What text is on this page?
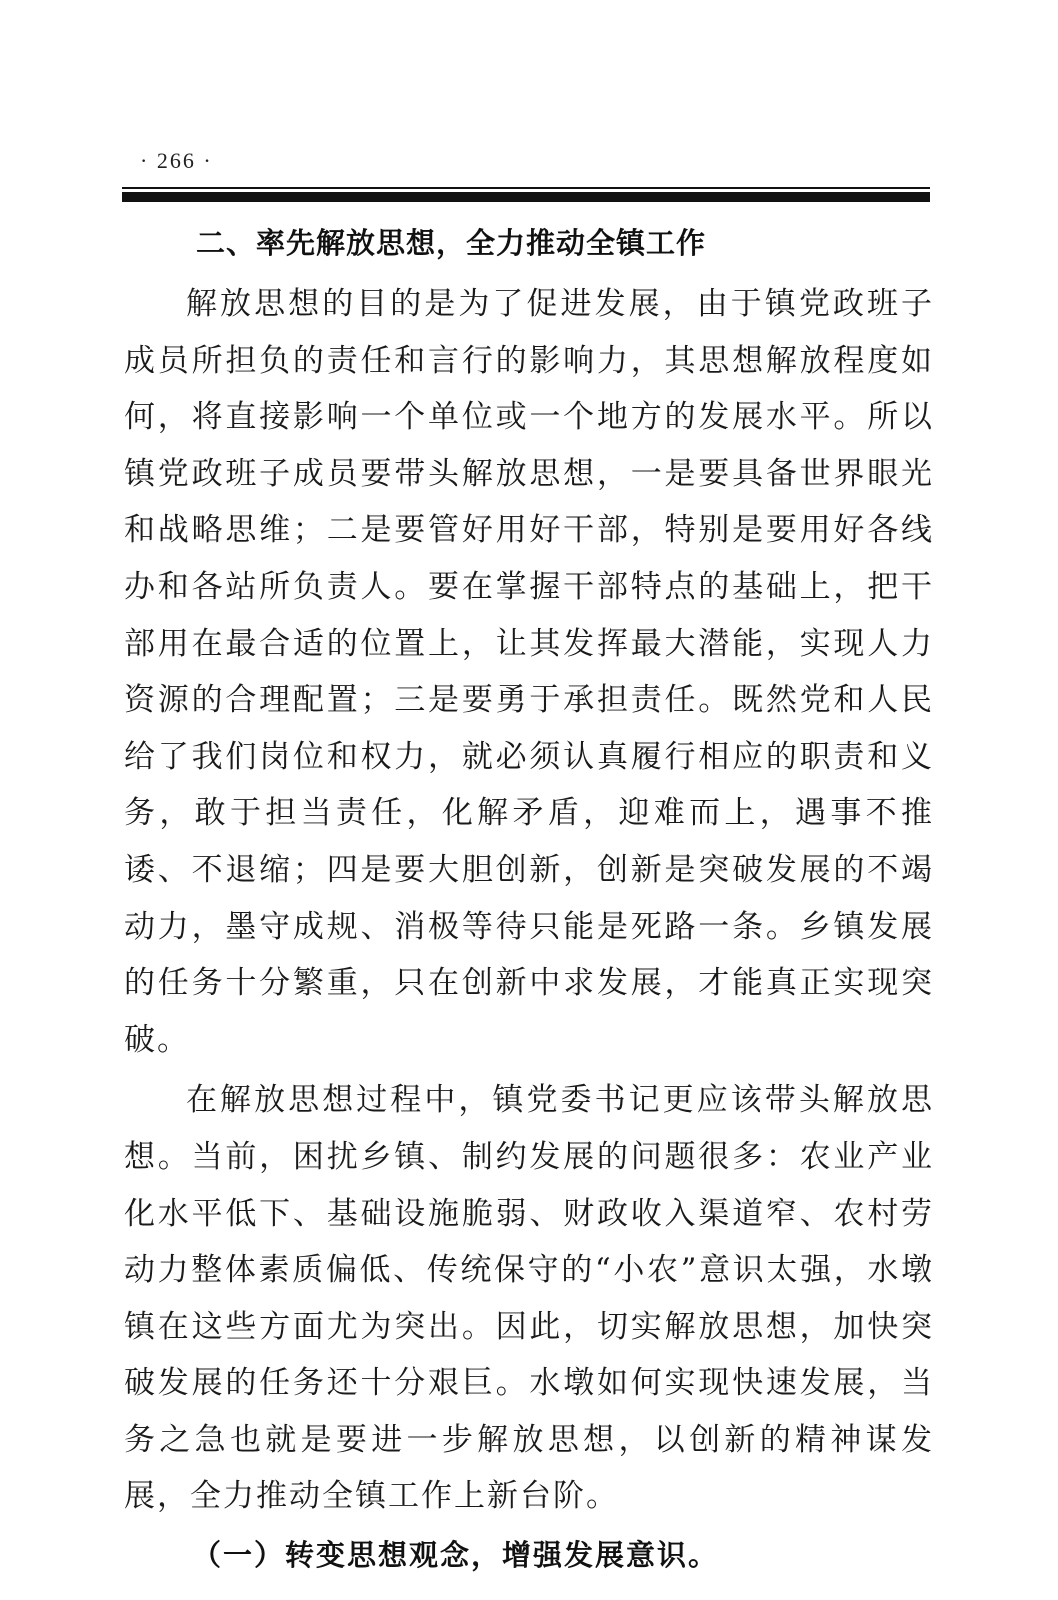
· 266 ·
二、率先解放思想，全力推动全镇工作

解放思想的目的是为了促进发展，由于镇党政班子成员所担负的责任和言行的影响力，其思想解放程度如何，将直接影响一个单位或一个地方的发展水平。所以镇党政班子成员要带头解放思想，一是要具备世界眼光和战略思维；二是要管好用好干部，特别是要用好各线办和各站所负责人。要在掌握干部特点的基础上，把干部用在最合适的位置上，让其发挥最大潜能，实现人力资源的合理配置；三是要勇于承担责任。既然党和人民给了我们岗位和权力，就必须认真履行相应的职责和义务，敢于担当责任，化解矛盾，迎难而上，遇事不推诿、不退缩；四是要大胆创新，创新是突破发展的不竭动力，墨守成规、消极等待只能是死路一条。乡镇发展的任务十分繁重，只在创新中求发展，才能真正实现突破。

在解放思想过程中，镇党委书记更应该带头解放思想。当前，困扰乡镇、制约发展的问题很多：农业产业化水平低下、基础设施脆弱、财政收入渠道窄、农村劳动力整体素质偏低、传统保守的“小农”意识太强，水墩镇在这些方面尤为突出。因此，切实解放思想，加快突破发展的任务还十分艰巨。水墩如何实现快速发展，当务之急也就是要进一步解放思想，以创新的精神谋发展，全力推动全镇工作上新台阶。

（一）转变思想观念，增强发展意识。
